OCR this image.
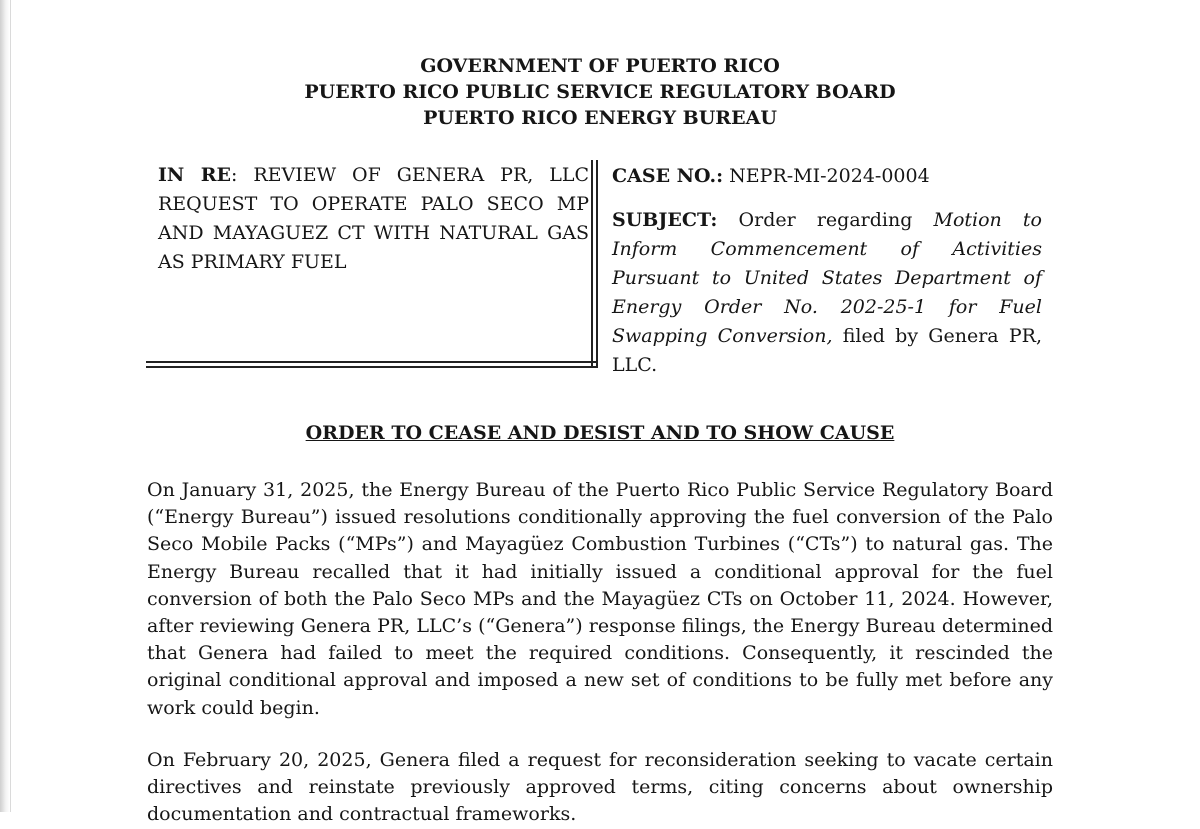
GOVERNMENT OF PUERTO RICO
PUERTO RICO PUBLIC SERVICE REGULATORY BOARD
PUERTO RICO ENERGY BUREAU
IN RE: REVIEW OF GENERA PR, LLC REQUEST TO OPERATE PALO SECO MP AND MAYAGUEZ CT WITH NATURAL GAS AS PRIMARY FUEL
CASE NO.: NEPR-MI-2024-0004
SUBJECT: Order regarding Motion to Inform Commencement of Activities Pursuant to United States Department of Energy Order No. 202-25-1 for Fuel Swapping Conversion, filed by Genera PR, LLC.
ORDER TO CEASE AND DESIST AND TO SHOW CAUSE
On January 31, 2025, the Energy Bureau of the Puerto Rico Public Service Regulatory Board (“Energy Bureau”) issued resolutions conditionally approving the fuel conversion of the Palo Seco Mobile Packs (“MPs”) and Mayagüez Combustion Turbines (“CTs”) to natural gas. The Energy Bureau recalled that it had initially issued a conditional approval for the fuel conversion of both the Palo Seco MPs and the Mayagüez CTs on October 11, 2024. However, after reviewing Genera PR, LLC’s (“Genera”) response filings, the Energy Bureau determined that Genera had failed to meet the required conditions. Consequently, it rescinded the original conditional approval and imposed a new set of conditions to be fully met before any work could begin.
On February 20, 2025, Genera filed a request for reconsideration seeking to vacate certain directives and reinstate previously approved terms, citing concerns about ownership documentation and contractual frameworks.
